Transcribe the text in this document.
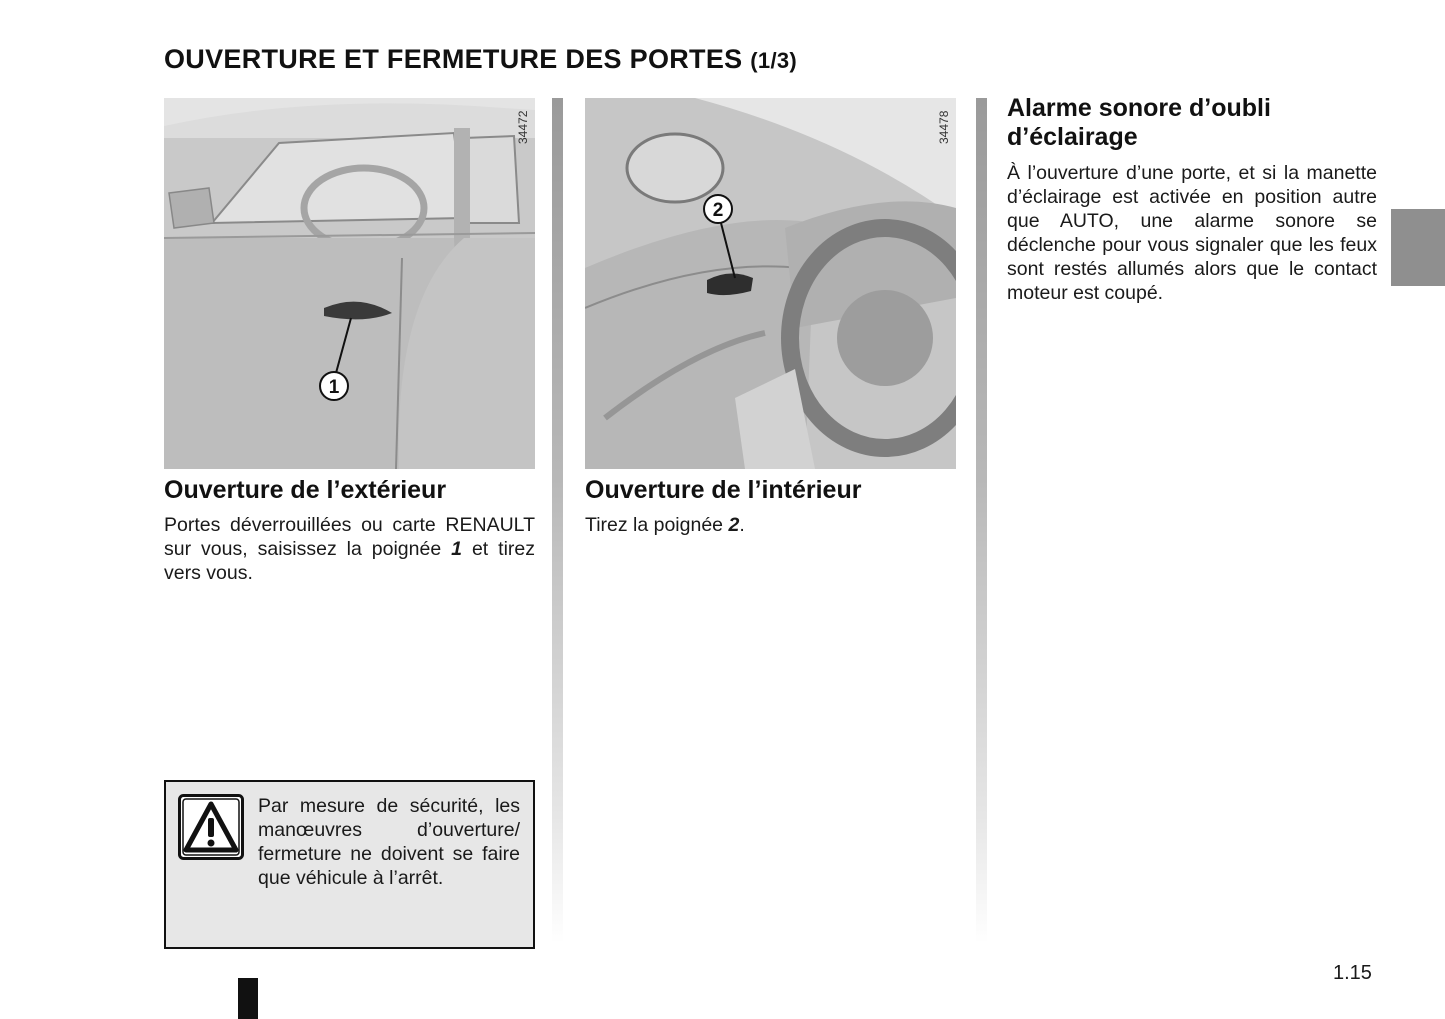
OUVERTURE ET FERMETURE DES PORTES (1/3)
1
34472
2
34478
Ouverture de l’extérieur

Portes déverrouillées ou carte RENAULT sur vous, saisissez la poignée 1 et tirez vers vous.

Ouverture de l’intérieur

Tirez la poignée 2.

Par mesure de sécurité, les manœuvres d’ouverture/ fermeture ne doivent se faire que véhicule à l’arrêt.

Alarme sonore d’oubli d’éclairage

À l’ouverture d’une porte, et si la manette d’éclairage est activée en position autre que AUTO, une alarme sonore se déclenche pour vous signaler que les feux sont restés allumés alors que le contact moteur est coupé.

1.15
